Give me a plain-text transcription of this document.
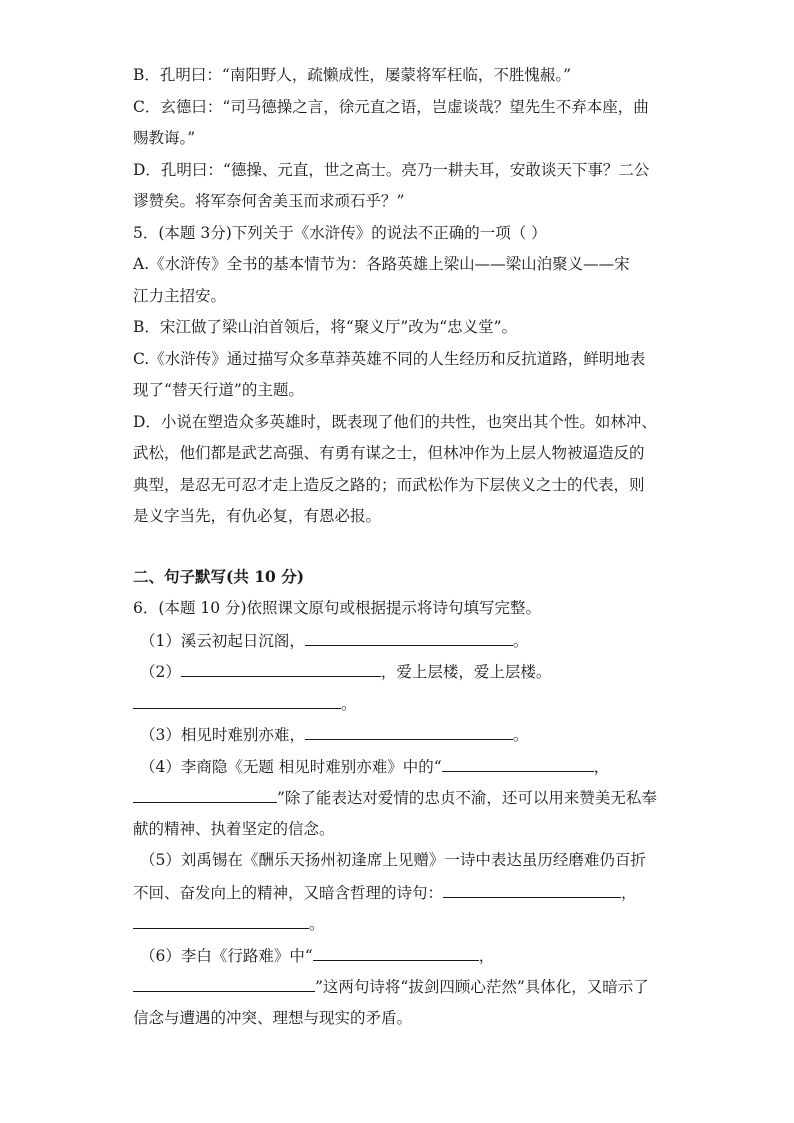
B．孔明曰：“南阳野人，疏懒成性，屡蒙将军枉临，不胜愧赧。”
C．玄德曰：“司马德操之言，徐元直之语，岂虚谈哉？望先生不弃本座，曲
赐教诲。”
D．孔明曰：“德操、元直，世之高士。亮乃一耕夫耳，安敢谈天下事？二公
谬赞矣。将军奈何舍美玉而求顽石乎？”
5．(本题 3分)下列关于《水浒传》的说法不正确的一项（ ）
A.《水浒传》全书的基本情节为：各路英雄上梁山——梁山泊聚义——宋
江力主招安。
B．宋江做了梁山泊首领后，将“聚义厅”改为“忠义堂”。
C.《水浒传》通过描写众多草莽英雄不同的人生经历和反抗道路，鲜明地表
现了“替天行道”的主题。
D．小说在塑造众多英雄时，既表现了他们的共性，也突出其个性。如林冲、
武松，他们都是武艺高强、有勇有谋之士，但林冲作为上层人物被逼造反的
典型，是忍无可忍才走上造反之路的；而武松作为下层侠义之士的代表，则
是义字当先，有仇必复，有恩必报。
二、句子默写(共 10 分)
6．(本题 10 分)依照课文原句或根据提示将诗句填写完整。
（1）溪云初起日沉阁，	。
（2）	，爱上层楼，爱上层楼。
。
（3）相见时难别亦难，	。
（4）李商隐《无题 相见时难别亦难》中的“	，
”除了能表达对爱情的忠贞不渝，还可以用来赞美无私奉
献的精神、执着坚定的信念。
（5）刘禹锡在《酬乐天扬州初逢席上见赠》一诗中表达虽历经磨难仍百折
不回、奋发向上的精神，又暗含哲理的诗句：	，
。
（6）李白《行路难》中“	，
”这两句诗将“拔剑四顾心茫然”具体化，又暗示了
信念与遭遇的冲突、理想与现实的矛盾。
